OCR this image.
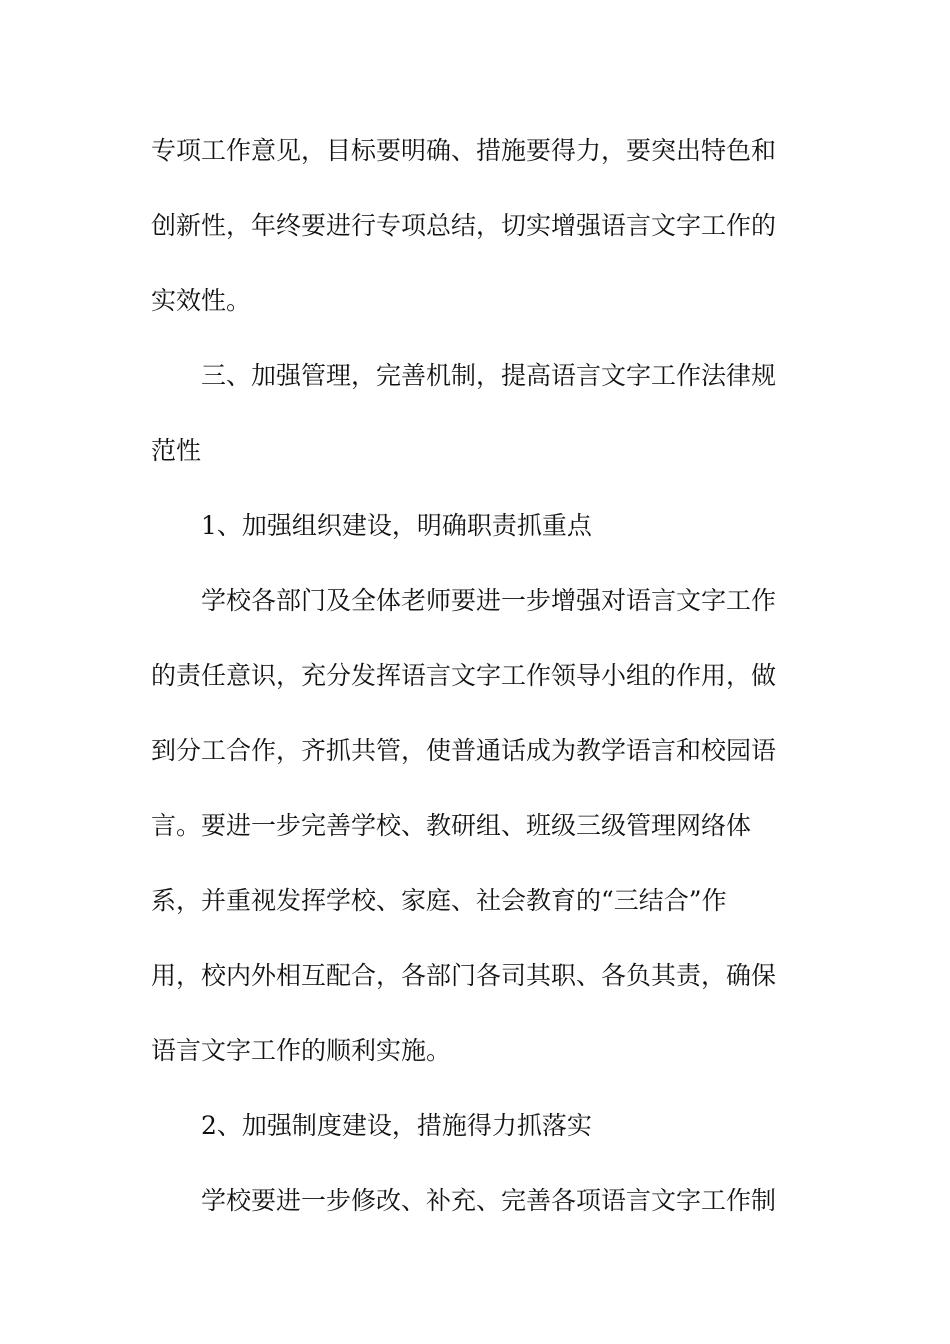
专项工作意见，目标要明确、措施要得力，要突出特色和
创新性，年终要进行专项总结，切实增强语言文字工作的
实效性。
三、加强管理，完善机制，提高语言文字工作法律规
范性
1、加强组织建设，明确职责抓重点
学校各部门及全体老师要进一步增强对语言文字工作
的责任意识，充分发挥语言文字工作领导小组的作用，做
到分工合作，齐抓共管，使普通话成为教学语言和校园语
言。要进一步完善学校、教研组、班级三级管理网络体
系，并重视发挥学校、家庭、社会教育的“三结合”作
用，校内外相互配合，各部门各司其职、各负其责，确保
语言文字工作的顺利实施。
2、加强制度建设，措施得力抓落实
学校要进一步修改、补充、完善各项语言文字工作制
